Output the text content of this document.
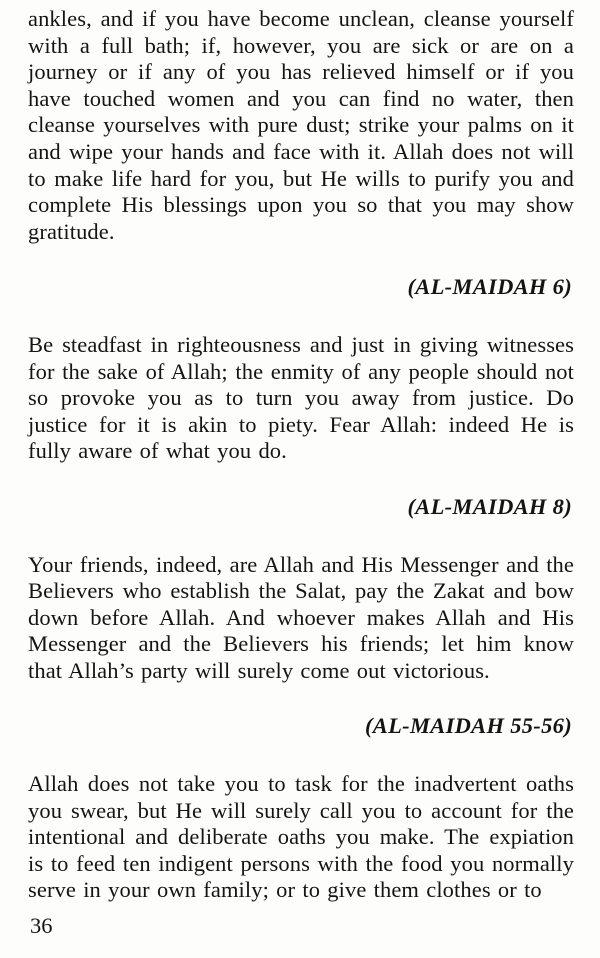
ankles, and if you have become unclean, cleanse yourself with a full bath; if, however, you are sick or are on a journey or if any of you has relieved himself or if you have touched women and you can find no water, then cleanse yourselves with pure dust; strike your palms on it and wipe your hands and face with it. Allah does not will to make life hard for you, but He wills to purify you and complete His blessings upon you so that you may show gratitude.

(AL-MAIDAH 6)

Be steadfast in righteousness and just in giving witnesses for the sake of Allah; the enmity of any people should not so provoke you as to turn you away from justice. Do justice for it is akin to piety. Fear Allah: indeed He is fully aware of what you do.

(AL-MAIDAH 8)

Your friends, indeed, are Allah and His Messenger and the Believers who establish the Salat, pay the Zakat and bow down before Allah. And whoever makes Allah and His Messenger and the Believers his friends; let him know that Allah’s party will surely come out victorious.

(AL-MAIDAH 55-56)

Allah does not take you to task for the inadvertent oaths you swear, but He will surely call you to account for the intentional and deliberate oaths you make. The expiation is to feed ten indigent persons with the food you normally serve in your own family; or to give them clothes or to

36
